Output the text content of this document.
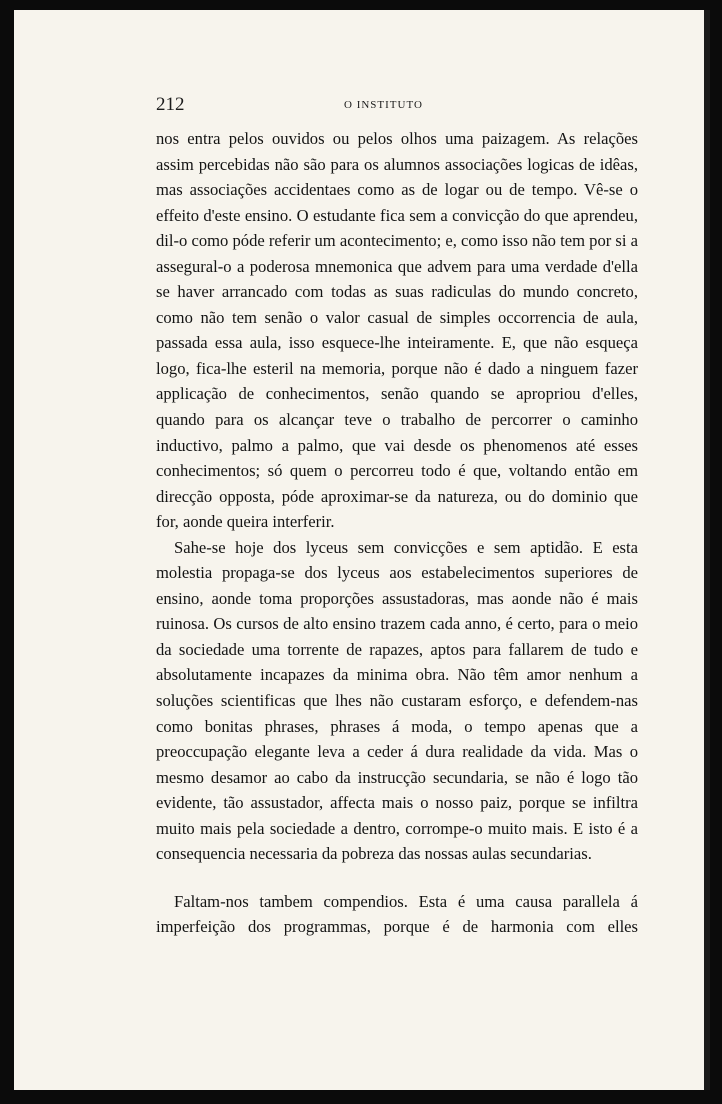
212	O INSTITUTO

nos entra pelos ouvidos ou pelos olhos uma paizagem. As relações assim percebidas não são para os alumnos associações logicas de idêas, mas associações accidentaes como as de logar ou de tempo. Vê-se o effeito d'este ensino. O estudante fica sem a convicção do que aprendeu, dil-o como póde referir um acontecimento; e, como isso não tem por si a assegural-o a poderosa mnemonica que advem para uma verdade d'ella se haver arrancado com todas as suas radiculas do mundo concreto, como não tem senão o valor casual de simples occorrencia de aula, passada essa aula, isso esquece-lhe inteiramente. E, que não esqueça logo, fica-lhe esteril na memoria, porque não é dado a ninguem fazer applicação de conhecimentos, senão quando se apropriou d'elles, quando para os alcançar teve o trabalho de percorrer o caminho inductivo, palmo a palmo, que vai desde os phenomenos até esses conhecimentos; só quem o percorreu todo é que, voltando então em direcção opposta, póde aproximar-se da natureza, ou do dominio que for, aonde queira interferir.

Sahe-se hoje dos lyceus sem convicções e sem aptidão. E esta molestia propaga-se dos lyceus aos estabelecimentos superiores de ensino, aonde toma proporções assustadoras, mas aonde não é mais ruinosa. Os cursos de alto ensino trazem cada anno, é certo, para o meio da sociedade uma torrente de rapazes, aptos para fallarem de tudo e absolutamente incapazes da minima obra. Não têm amor nenhum a soluções scientificas que lhes não custaram esforço, e defendem-nas como bonitas phrases, phrases á moda, o tempo apenas que a preoccupação elegante leva a ceder á dura realidade da vida. Mas o mesmo desamor ao cabo da instrucção secundaria, se não é logo tão evidente, tão assustador, affecta mais o nosso paiz, porque se infiltra muito mais pela sociedade a dentro, corrompe-o muito mais. E isto é a consequencia necessaria da pobreza das nossas aulas secundarias.

Faltam-nos tambem compendios. Esta é uma causa parallela á imperfeição dos programmas, porque é de harmonia com elles
